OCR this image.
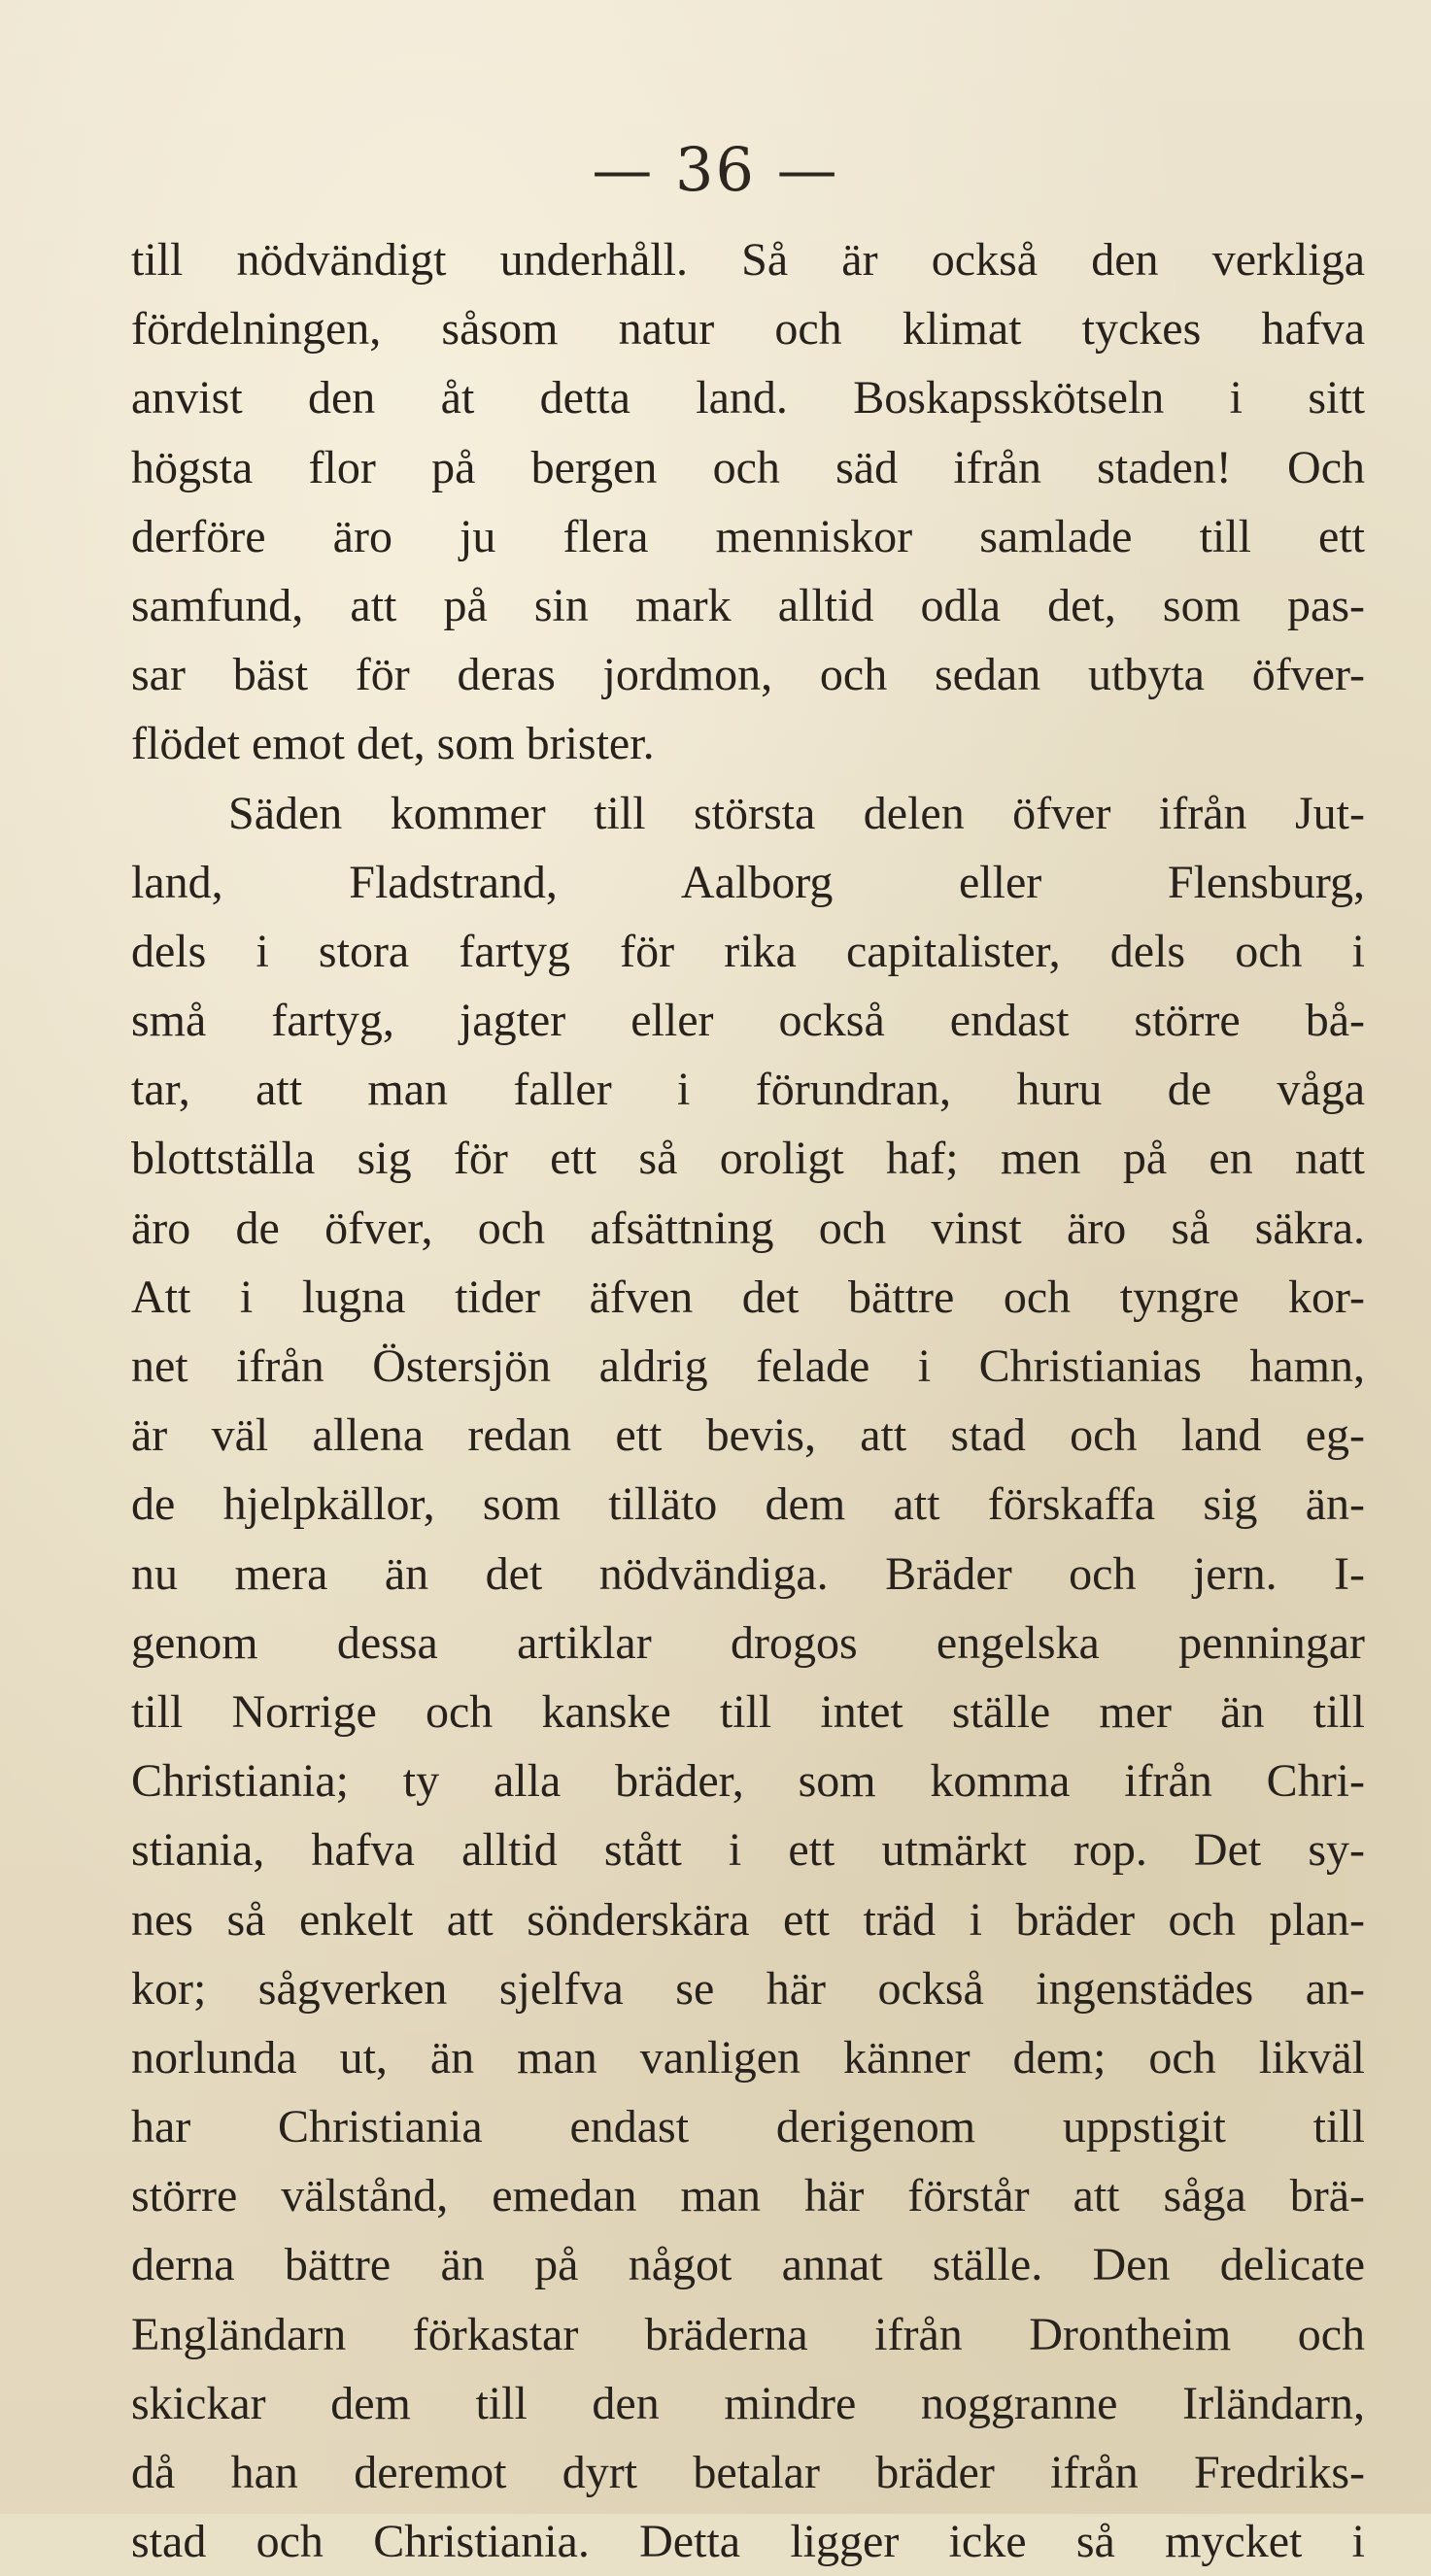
— 36 —
till nödvändigt underhåll. Så är också den verkliga
fördelningen, såsom natur och klimat tyckes hafva
anvist den åt detta land. Boskapsskötseln i sitt
högsta flor på bergen och säd ifrån staden! Och
derföre äro ju flera menniskor samlade till ett
samfund, att på sin mark alltid odla det, som pas-
sar bäst för deras jordmon, och sedan utbyta öfver-
flödet emot det, som brister.
Säden kommer till största delen öfver ifrån Jut-
land, Fladstrand, Aalborg eller Flensburg,
dels i stora fartyg för rika capitalister, dels och i
små fartyg, jagter eller också endast större bå-
tar, att man faller i förundran, huru de våga
blottställa sig för ett så oroligt haf; men på en natt
äro de öfver, och afsättning och vinst äro så säkra.
Att i lugna tider äfven det bättre och tyngre kor-
net ifrån Östersjön aldrig felade i Christianias hamn,
är väl allena redan ett bevis, att stad och land eg-
de hjelpkällor, som tilläto dem att förskaffa sig än-
nu mera än det nödvändiga. Bräder och jern. I-
genom dessa artiklar drogos engelska penningar
till Norrige och kanske till intet ställe mer än till
Christiania; ty alla bräder, som komma ifrån Chri-
stiania, hafva alltid stått i ett utmärkt rop. Det sy-
nes så enkelt att sönderskära ett träd i bräder och plan-
kor; sågverken sjelfva se här också ingenstädes an-
norlunda ut, än man vanligen känner dem; och likväl
har Christiania endast derigenom uppstigit till
större välstånd, emedan man här förstår att såga brä-
derna bättre än på något annat ställe. Den delicate
Engländarn förkastar bräderna ifrån Drontheim och
skickar dem till den mindre noggranne Irländarn,
då han deremot dyrt betalar bräder ifrån Fredriks-
stad och Christiania. Detta ligger icke så mycket i
